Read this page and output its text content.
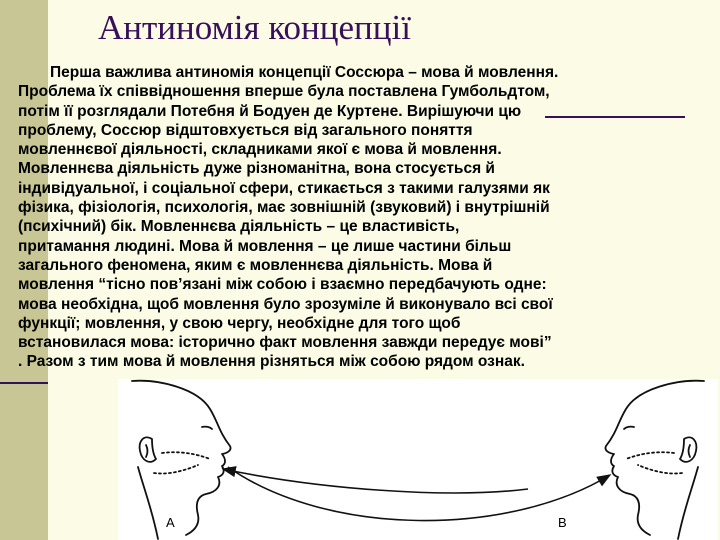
Антиномія концепції
Перша важлива антиномія концепції Соссюра – мова й мовлення.
Проблема їх співвідношення вперше була поставлена Гумбольдтом,
потім її розглядали Потебня й Бодуен де Куртене. Вирішуючи цю
проблему, Соссюр відштовхується від загального поняття
мовленнєвої діяльності, складниками якої є мова й мовлення.
Мовленнєва діяльність дуже різноманітна, вона стосується й
індивідуальної, і соціальної сфери, стикається з такими галузями як
фізика, фізіологія, психологія, має зовнішній (звуковий) і внутрішній
(психічний) бік. Мовленнєва діяльність – це властивість,
притамання людині. Мова й мовлення – це лише частини більш
загального феномена, яким є мовленнєва діяльність. Мова й
мовлення “тісно пов’язані між собою і взаємно передбачують одне:
мова необхідна, щоб мовлення було зрозуміле й виконувало всі свої
функції; мовлення, у свою чергу, необхідне для того щоб
встановилася мова: історично факт мовлення завжди передує мові”
. Разом з тим мова й мовлення різняться між собою рядом ознак.
A	B
